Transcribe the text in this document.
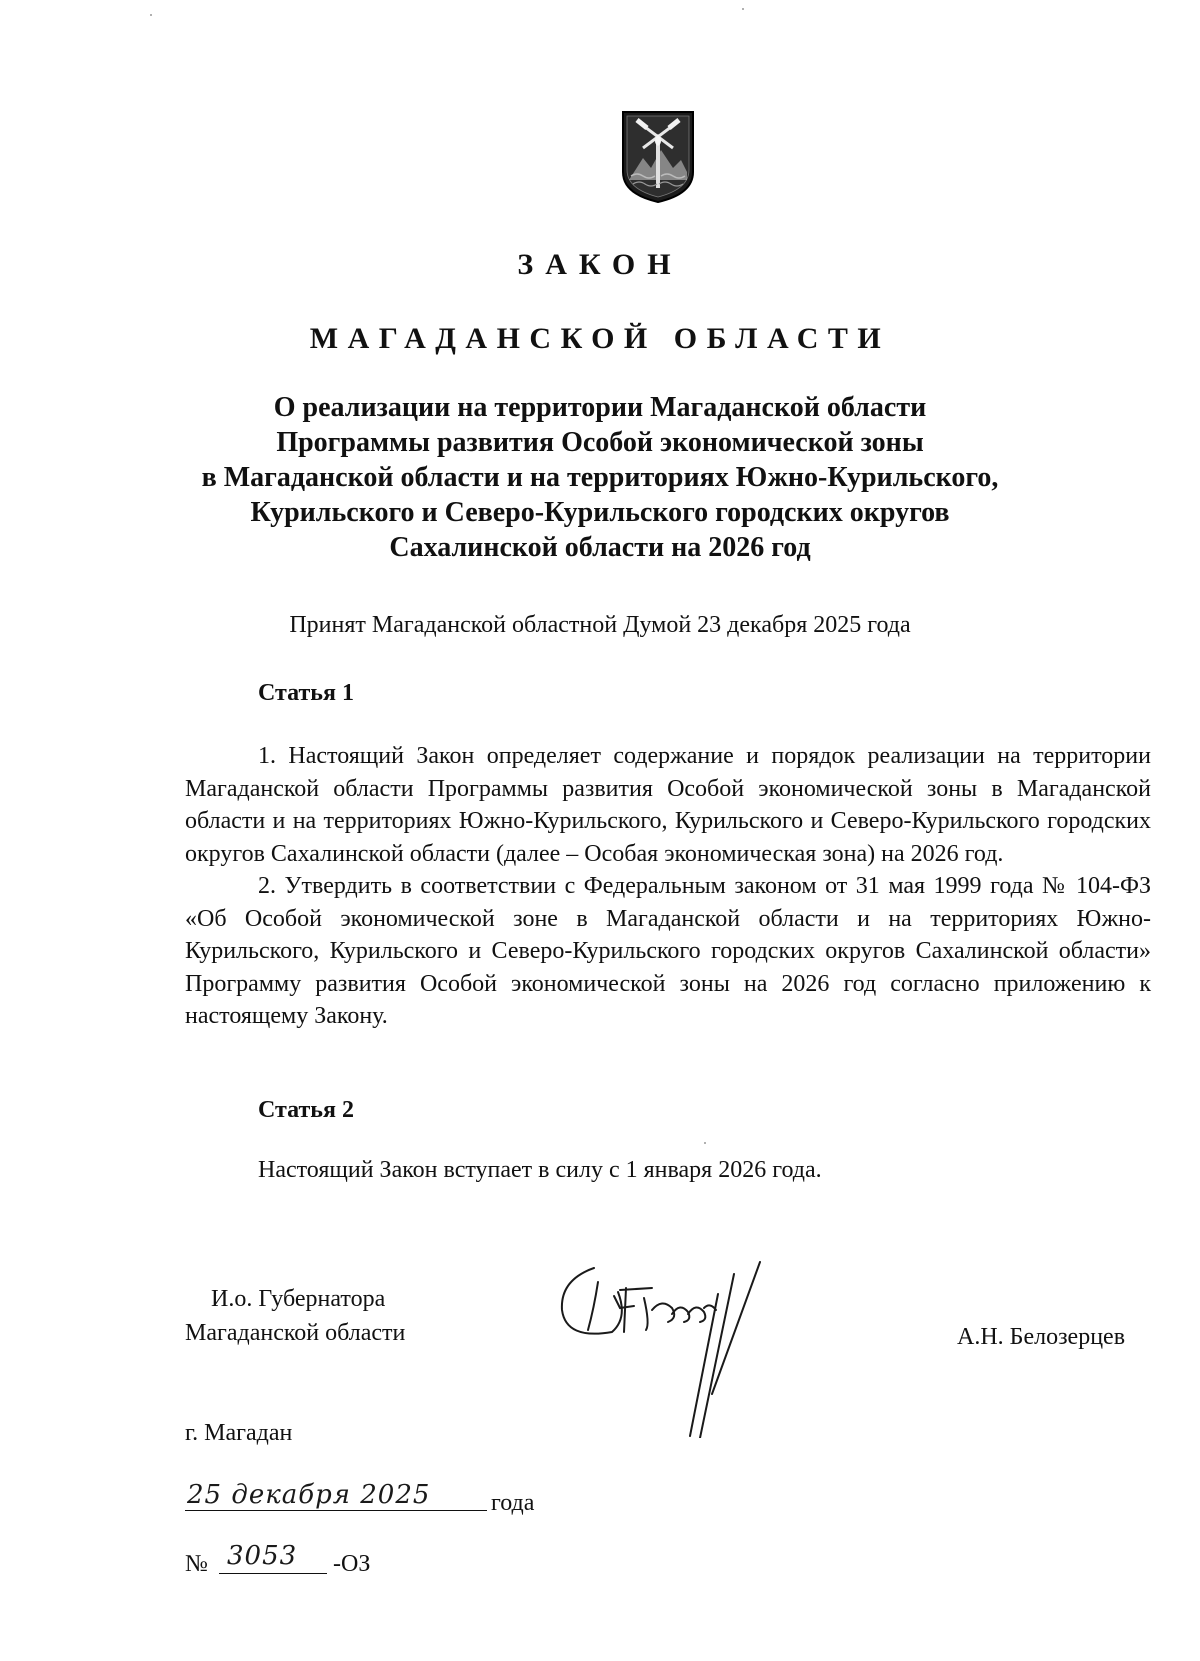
ЗАКОН
МАГАДАНСКОЙ ОБЛАСТИ
О реализации на территории Магаданской области
Программы развития Особой экономической зоны
в Магаданской области и на территориях Южно-Курильского,
Курильского и Северо-Курильского городских округов
Сахалинской области на 2026 год
Принят Магаданской областной Думой 23 декабря 2025 года
Статья 1

1. Настоящий Закон определяет содержание и порядок реализации на территории Магаданской области Программы развития Особой экономической зоны в Магаданской области и на территориях Южно-Курильского, Курильского и Северо-Курильского городских округов Сахалинской области (далее – Особая экономическая зона) на 2026 год.

2. Утвердить в соответствии с Федеральным законом от 31 мая 1999 года № 104-ФЗ «Об Особой экономической зоне в Магаданской области и на территориях Южно-Курильского, Курильского и Северо-Курильского городских округов Сахалинской области» Программу развития Особой экономической зоны на 2026 год согласно приложению к настоящему Закону.

Статья 2

Настоящий Закон вступает в силу с 1 января 2026 года.

И.о. Губернатора
Магаданской области	А.Н. Белозерцев
г. Магадан
25 декабря 2025	года
№ 3053 -ОЗ
